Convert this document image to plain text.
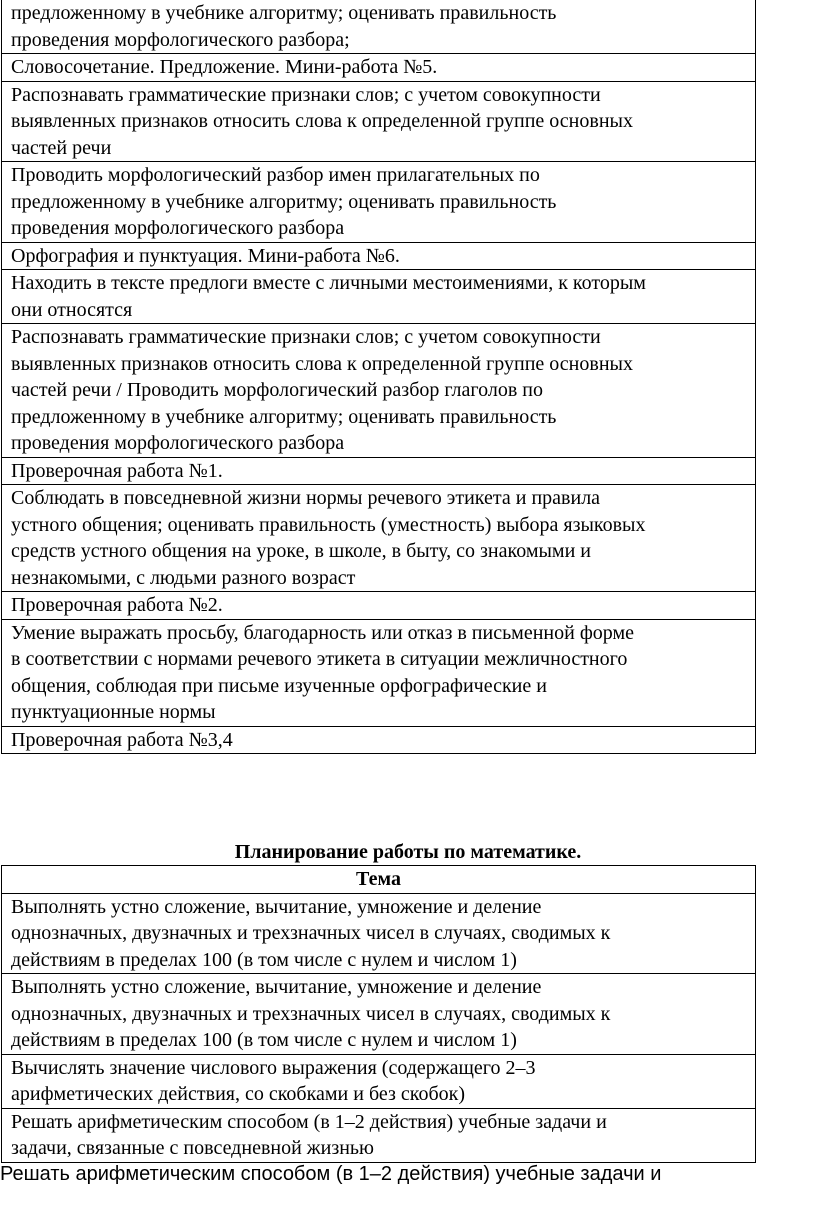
предложенному в учебнике алгоритму; оценивать правильность
проведения морфологического разбора;
Словосочетание. Предложение. Мини-работа №5.
Распознавать грамматические признаки слов; с учетом совокупности
выявленных признаков относить слова к определенной группе основных
частей речи
Проводить морфологический разбор имен прилагательных по
предложенному в учебнике алгоритму; оценивать правильность
проведения морфологического разбора
Орфография и пунктуация. Мини-работа №6.
Находить в тексте предлоги вместе с личными местоимениями, к которым
они относятся
Распознавать грамматические признаки слов; с учетом совокупности
выявленных признаков относить слова к определенной группе основных
частей речи / Проводить морфологический разбор глаголов по
предложенному в учебнике алгоритму; оценивать правильность
проведения морфологического разбора
Проверочная работа №1.
Соблюдать в повседневной жизни нормы речевого этикета и правила
устного общения; оценивать правильность (уместность) выбора языковых
средств устного общения на уроке, в школе, в быту, со знакомыми и
незнакомыми, с людьми разного возраст
Проверочная работа №2.
Умение выражать просьбу, благодарность или отказ в письменной форме
в соответствии с нормами речевого этикета в ситуации межличностного
общения, соблюдая при письме изученные орфографические и
пунктуационные нормы
Проверочная работа №3,4
Планирование работы по математике.
Тема
Выполнять устно сложение, вычитание, умножение и деление
однозначных, двузначных и трехзначных чисел в случаях, сводимых к
действиям в пределах 100 (в том числе с нулем и числом 1)
Выполнять устно сложение, вычитание, умножение и деление
однозначных, двузначных и трехзначных чисел в случаях, сводимых к
действиям в пределах 100 (в том числе с нулем и числом 1)
Вычислять значение числового выражения (содержащего 2–3
арифметических действия, со скобками и без скобок)
Решать арифметическим способом (в 1–2 действия) учебные задачи и
задачи, связанные с повседневной жизнью

Решать арифметическим способом (в 1–2 действия) учебные задачи и
